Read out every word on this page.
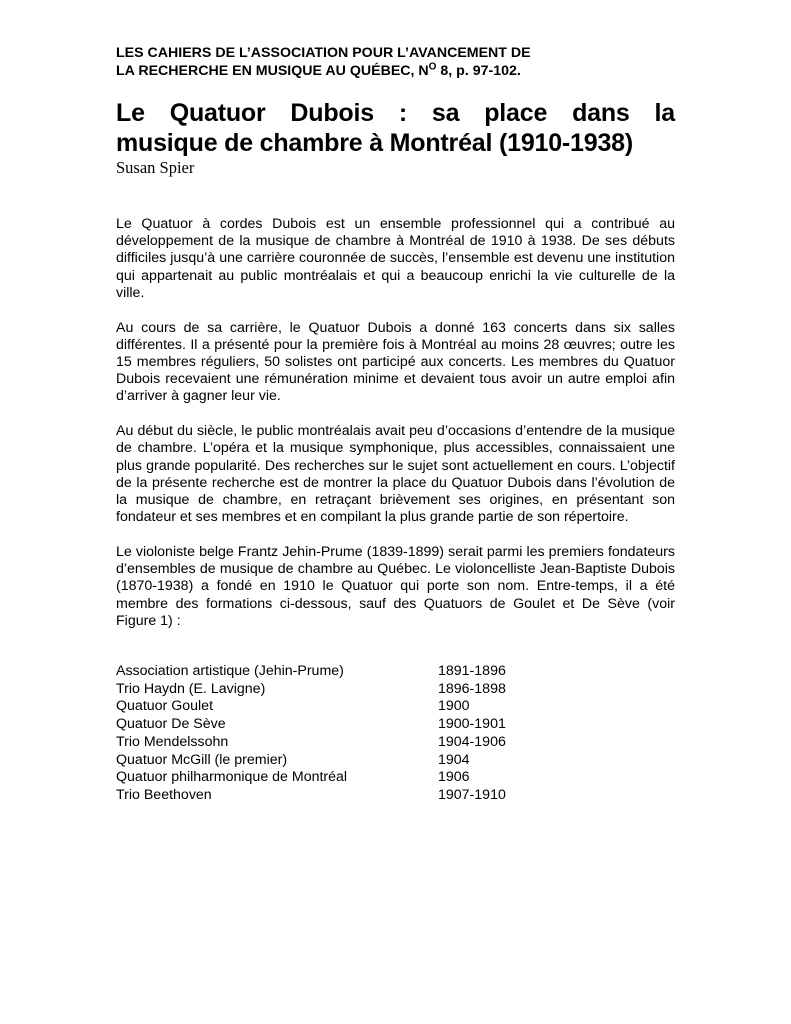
LES CAHIERS DE L’ASSOCIATION POUR L’AVANCEMENT DE
LA RECHERCHE EN MUSIQUE AU QUÉBEC, $N^O$ 8, p. 97-102.

Le Quatuor Dubois : sa place dans la
musique de chambre à Montréal (1910-1938)

Susan Spier

Le Quatuor à cordes Dubois est un ensemble professionnel qui a contribué au développement de la musique de chambre à Montréal de 1910 à 1938. De ses débuts difficiles jusqu’à une carrière couronnée de succès, l’ensemble est devenu une institution qui appartenait au public montréalais et qui a beaucoup enrichi la vie culturelle de la ville.

Au cours de sa carrière, le Quatuor Dubois a donné 163 concerts dans six salles différentes. Il a présenté pour la première fois à Montréal au moins 28 œuvres; outre les 15 membres réguliers, 50 solistes ont participé aux concerts. Les membres du Quatuor Dubois recevaient une rémunération minime et devaient tous avoir un autre emploi afin d’arriver à gagner leur vie.

Au début du siècle, le public montréalais avait peu d’occasions d’entendre de la musique de chambre. L’opéra et la musique symphonique, plus accessibles, connaissaient une plus grande popularité. Des recherches sur le sujet sont actuellement en cours. L’objectif de la présente recherche est de montrer la place du Quatuor Dubois dans l’évolution de la musique de chambre, en retraçant brièvement ses origines, en présentant son fondateur et ses membres et en compilant la plus grande partie de son répertoire.

Le violoniste belge Frantz Jehin-Prume (1839-1899) serait parmi les premiers fondateurs d’ensembles de musique de chambre au Québec. Le violoncelliste Jean-Baptiste Dubois (1870-1938) a fondé en 1910 le Quatuor qui porte son nom. Entre-temps, il a été membre des formations ci-dessous, sauf des Quatuors de Goulet et De Sève (voir Figure 1) :

Association artistique (Jehin-Prume)	1891-1896
Trio Haydn (E. Lavigne)	1896-1898
Quatuor Goulet	1900
Quatuor De Sève	1900-1901
Trio Mendelssohn	1904-1906
Quatuor McGill (le premier)	1904
Quatuor philharmonique de Montréal	1906
Trio Beethoven	1907-1910
